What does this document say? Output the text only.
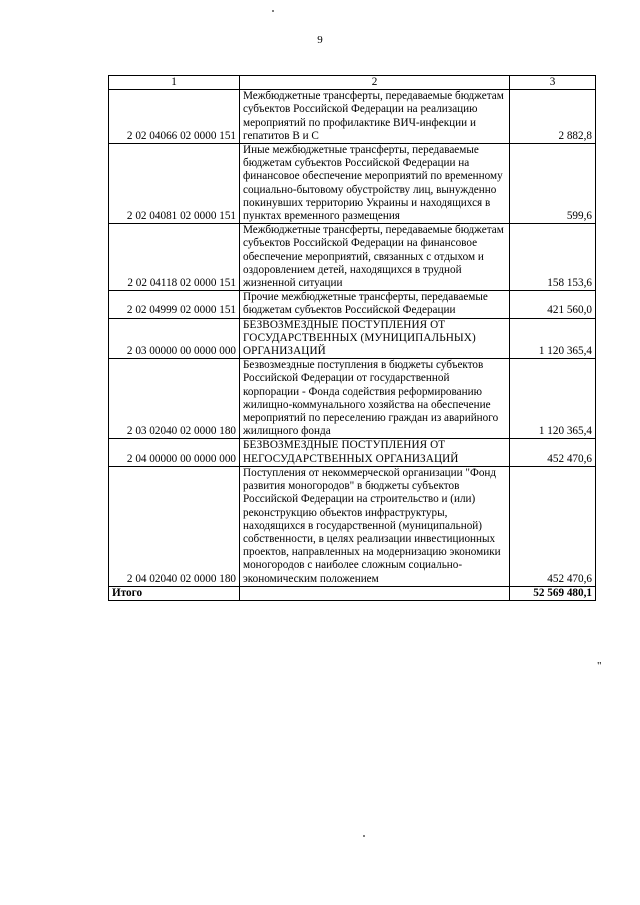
9
1	2	3
2 02 04066 02 0000 151	Межбюджетные трансферты, передаваемые бюджетам субъектов Российской Федерации на реализацию мероприятий по профилактике ВИЧ-инфекции и гепатитов В и С	2 882,8
2 02 04081 02 0000 151	Иные межбюджетные трансферты, передаваемые бюджетам субъектов Российской Федерации на финансовое обеспечение мероприятий по временному социально-бытовому обустройству лиц, вынужденно покинувших территорию Украины и находящихся в пунктах временного размещения	599,6
2 02 04118 02 0000 151	Межбюджетные трансферты, передаваемые бюджетам субъектов Российской Федерации на финансовое обеспечение мероприятий, связанных с отдыхом и оздоровлением детей, находящихся в трудной жизненной ситуации	158 153,6
2 02 04999 02 0000 151	Прочие межбюджетные трансферты, передаваемые бюджетам субъектов Российской Федерации	421 560,0
2 03 00000 00 0000 000	БЕЗВОЗМЕЗДНЫЕ ПОСТУПЛЕНИЯ ОТ ГОСУДАРСТВЕННЫХ (МУНИЦИПАЛЬНЫХ) ОРГАНИЗАЦИЙ	1 120 365,4
2 03 02040 02 0000 180	Безвозмездные поступления в бюджеты субъектов Российской Федерации от государственной корпорации - Фонда содействия реформированию жилищно-коммунального хозяйства на обеспечение мероприятий по переселению граждан из аварийного жилищного фонда	1 120 365,4
2 04 00000 00 0000 000	БЕЗВОЗМЕЗДНЫЕ ПОСТУПЛЕНИЯ ОТ НЕГОСУДАРСТВЕННЫХ ОРГАНИЗАЦИЙ	452 470,6
2 04 02040 02 0000 180	Поступления от некоммерческой организации "Фонд развития моногородов" в бюджеты субъектов Российской Федерации на строительство и (или) реконструкцию объектов инфраструктуры, находящихся в государственной (муниципальной) собственности, в целях реализации инвестиционных проектов, направленных на модернизацию экономики моногородов с наиболее сложным социально-экономическим положением	452 470,6
Итого		52 569 480,1
"
